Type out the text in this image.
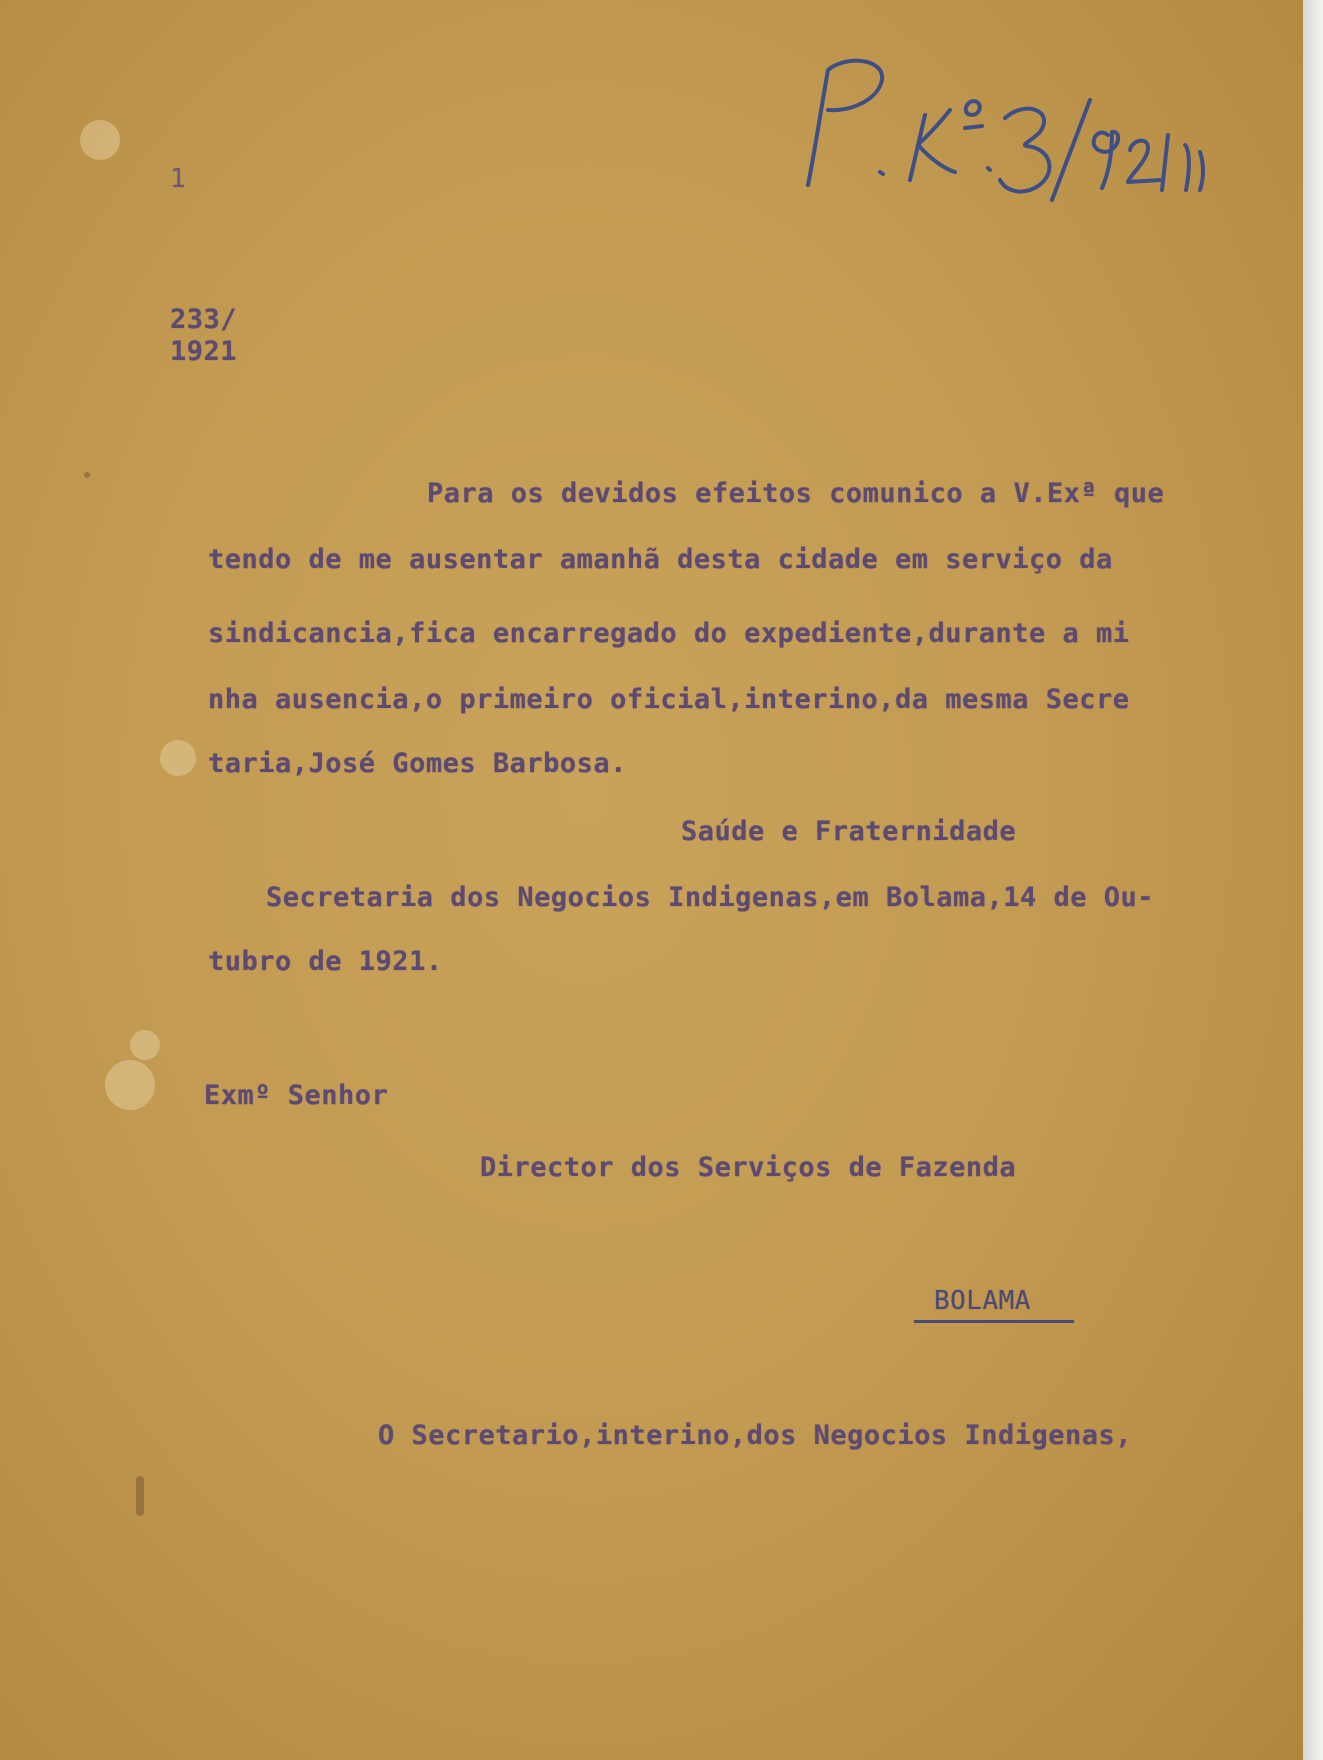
1
233/
1921
Para os devidos efeitos comunico a V.Exª que
tendo de me ausentar amanhã desta cidade em serviço da
sindicancia,fica encarregado do expediente,durante a mi
nha ausencia,o primeiro oficial,interino,da mesma Secre
taria,José Gomes Barbosa.
Saúde e Fraternidade
Secretaria dos Negocios Indigenas,em Bolama,14 de Ou-
tubro de 1921.
Exmº Senhor
Director dos Serviços de Fazenda
BOLAMA
O Secretario,interino,dos Negocios Indigenas,
